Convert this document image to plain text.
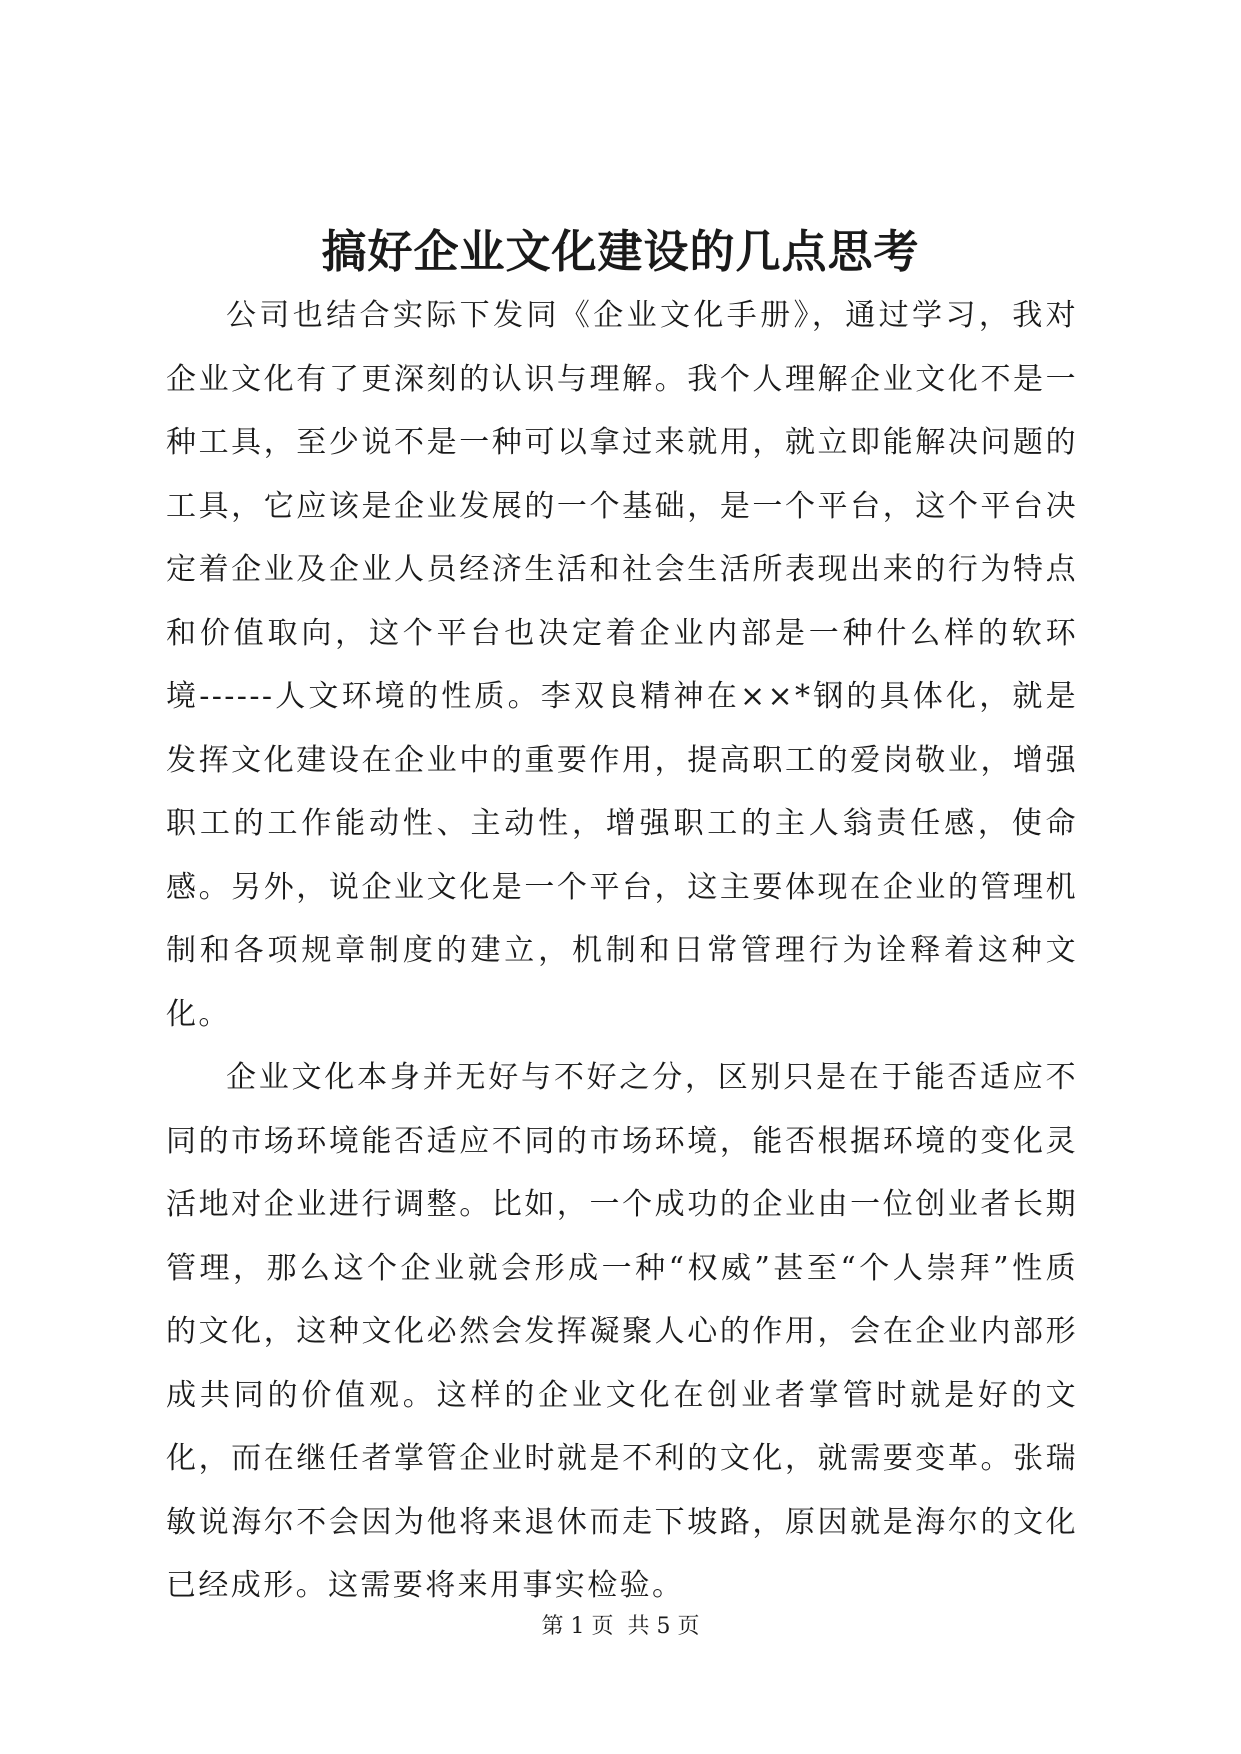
搞好企业文化建设的几点思考

公司也结合实际下发同《企业文化手册》，通过学习，我对企业文化有了更深刻的认识与理解。我个人理解企业文化不是一种工具，至少说不是一种可以拿过来就用，就立即能解决问题的工具，它应该是企业发展的一个基础，是一个平台，这个平台决定着企业及企业人员经济生活和社会生活所表现出来的行为特点和价值取向，这个平台也决定着企业内部是一种什么样的软环境------人文环境的性质。李双良精神在××*钢的具体化，就是发挥文化建设在企业中的重要作用，提高职工的爱岗敬业，增强职工的工作能动性、主动性，增强职工的主人翁责任感，使命感。另外，说企业文化是一个平台，这主要体现在企业的管理机制和各项规章制度的建立，机制和日常管理行为诠释着这种文化。

企业文化本身并无好与不好之分，区别只是在于能否适应不同的市场环境能否适应不同的市场环境，能否根据环境的变化灵活地对企业进行调整。比如，一个成功的企业由一位创业者长期管理，那么这个企业就会形成一种“权威”甚至“个人崇拜”性质的文化，这种文化必然会发挥凝聚人心的作用，会在企业内部形成共同的价值观。这样的企业文化在创业者掌管时就是好的文化，而在继任者掌管企业时就是不利的文化，就需要变革。张瑞敏说海尔不会因为他将来退休而走下坡路，原因就是海尔的文化已经成形。这需要将来用事实检验。

第 1 页 共 5 页
